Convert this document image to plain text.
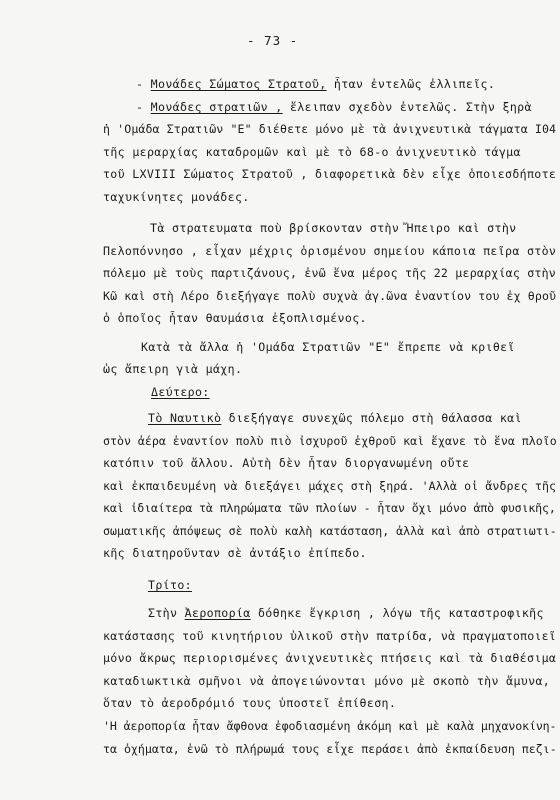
- 73 -
- Μονάδες Σώματος Στρατοῦ, ἦταν ἐντελῶς ἐλλιπεῖς.
- Μονάδες στρατιῶν , ἔλειπαν σχεδὸν ἐντελῶς. Στὴν ξηρὰ
ἡ 'Ομάδα Στρατιῶν "Ε" διέθετε μόνο μὲ τὰ ἀνιχνευτικὰ τάγματα I04
τῆς μεραρχίας καταδρομῶν καὶ μὲ τὸ 68-ο ἀνιχνευτικὸ τάγμα
τοῦ LXVIII Σώματος Στρατοῦ , διαφορετικὰ δὲν εἶχε ὁποιεσδήποτε
ταχυκίνητες μονάδες.
Τὰ στρατευματα ποὺ βρίσκονταν στὴν Ἤπειρο καὶ στὴν
Πελοπόννησο , εἶχαν μέχρις ὁρισμένου σημείου κάποια πεῖρα στὸν
πόλεμο μὲ τοὺς παρτιζάνους, ἐνῶ ἕνα μέρος τῆς 22 μεραρχίας στὴν
Κῶ καὶ στὴ Λέρο διεξήγαγε πολὺ συχνὰ ἀγ.ῶνα ἐναντίον του ἐχ θροῦ
ὁ ὁποῖος ἦταν θαυμάσια ἐξοπλισμένος.
Κατὰ τὰ ἄλλα ἡ 'Ομάδα Στρατιῶν "Ε" ἔπρεπε νὰ κριθεῖ
ὡς ἄπειρη γιὰ μάχη.
Δεύτερο:
Τὸ Ναυτικὸ διεξήγαγε συνεχῶς πόλεμο στὴ θάλασσα καὶ
στὸν ἀέρα ἐναντίον πολὺ πιὸ ἰσχυροῦ ἐχθροῦ καὶ ἔχανε τὸ ἕνα πλοῖο
κατόπιν τοῦ ἄλλου. Αὐτὴ δὲν ἦταν διοργανωμένη οὔτε
καὶ ἐκπαιδευμένη νὰ διεξάγει μάχες στὴ ξηρά. 'Αλλὰ οἱ ἄνδρες τῆς
καὶ ἰδιαίτερα τὰ πληρώματα τῶν πλοίων - ἦταν ὄχι μόνο ἀπὸ φυσικῆς,
σωματικῆς ἀπόψεως σὲ πολὺ καλὴ κατάσταση, ἀλλὰ καὶ ἀπὸ στρατιωτι-
κῆς διατηροῦνταν σὲ ἀντάξιο ἐπίπεδο.
Τρίτο:
Στὴν Ἀεροπορία δόθηκε ἔγκριση , λόγω τῆς καταστροφικῆς
κατάστασης τοῦ κινητήριου ὑλικοῦ στὴν πατρίδα, νὰ πραγματοποιεῖ
μόνο ἄκρως περιορισμένες ἀνιχνευτικὲς πτήσεις καὶ τὰ διαθέσιμα
καταδιωκτικὰ σμῆνοι νὰ ἀπογειώνονται μόνο μὲ σκοπὸ τὴν ἄμυνα,
ὅταν τὸ ἀεροδρόμιό τους ὑποστεῖ ἐπίθεση.
'Η ἀεροπορία ἦταν ἄφθονα ἐφοδιασμένη ἀκόμη καὶ μὲ καλὰ μηχανοκίνη-
τα ὀχήματα, ἐνῶ τὸ πλήρωμά τους εἶχε περάσει ἀπὸ ἐκπαίδευση πεζι-
